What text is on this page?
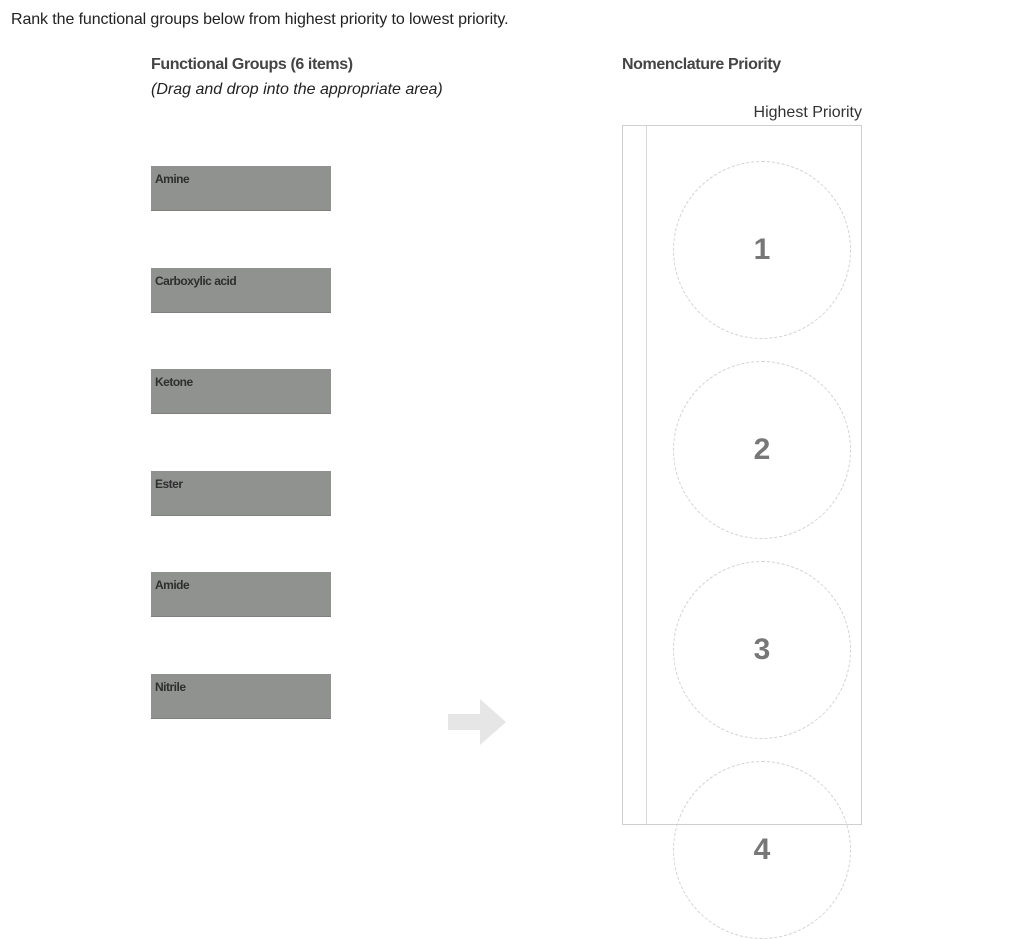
Rank the functional groups below from highest priority to lowest priority.
Functional Groups (6 items)
(Drag and drop into the appropriate area)
Amine
Carboxylic acid
Ketone
Ester
Amide
Nitrile
Nomenclature Priority
Highest Priority
1
2
3
4
